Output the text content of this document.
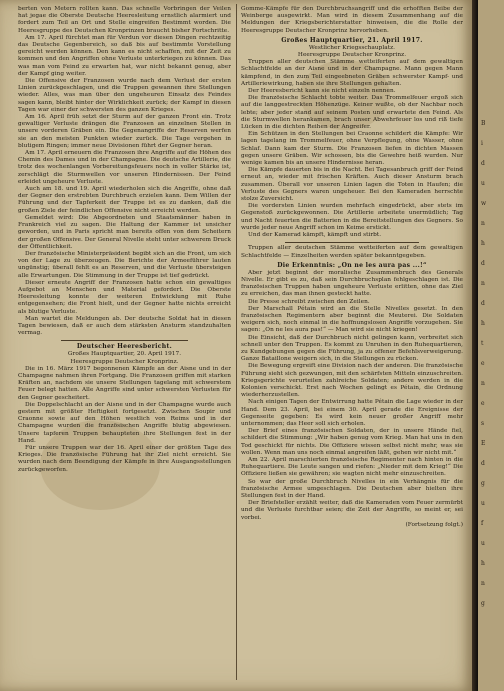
berten von Metern rollten kann. Das schnelle Vorbringen der Veilen hat jegae die Oberste Deutsche Heeresleitung ernstlich alarmiert und fordert zum Teil an Ort und Stelle eingreifen Bestimmt worden. Die Heeresgruppe des Deutschen Kronprinzen braucht bisher Fortschritte.

Am 17. April fürchtet man für Verdun vor diesen Dingen rechtzeitig das Deutsche Gegenbereich, so daß bis auf bestimmte Vorstellung gereicht werden können. Den kann es nicht schaffen, mit der Zeit zu kommen und den Angriffen ohne Verluste unterkriegen zu können. Das was man vom Feind zu erwarten hat, war nicht bekannt genug, aber der Kampf ging weiter.

Die Offensive der Franzosen wurde nach dem Verlust der ersten Linien zurückgeschlagen, und die Truppen gewannen ihre Stellungen wieder. Alles, was man über den ungeheuren Einsatz des Feindes sagen kann, bleibt hinter der Wirklichkeit zurück; der Kampf in diesen Tagen war einer der schwersten des ganzen Krieges.

Am 16. April früh setzt der Sturm auf der ganzen Front ein. Trotz gewaltiger Verluste drängen die Franzosen an einzelnen Stellen in unsere vorderen Gräben ein. Die Gegenangriffe der Reserven werfen sie an den meisten Punkten wieder zurück. Die Tage vergehen in blutigem Ringen; immer neue Divisionen führt der Gegner heran.

Am 17. April erneuern die Franzosen ihre Angriffe auf die Höhen des Chemin des Dames und in der Champagne. Die deutsche Artillerie, die trotz des wochenlangen Vorbereitungsfeuers noch in voller Stärke ist, zerschlägt die Sturmwellen vor unseren Hindernissen. Der Feind erleidet ungeheure Verluste.

Auch am 18. und 19. April wiederholen sich die Angriffe, ohne daß der Gegner den erstrebten Durchbruch erzielen kann. Dem Willen der Führung und der Tapferkeit der Truppe ist es zu danken, daß die großen Ziele der feindlichen Offensive nicht erreicht werden.

Gemeldet wird: Die Abgeordneten und Staatsmänner haben in Frankreich viel zu sagen. Die Haltung der Kammer ist unsicher geworden, und in Paris spricht man bereits offen von dem Scheitern der großen Offensive. Der General Nivelle steht unter schwerem Druck der Öffentlichkeit.

Der französische Ministerpräsident begibt sich an die Front, um sich von der Lage zu überzeugen. Die Berichte der Armeeführer lauten ungünstig; überall fehlt es an Reserven, und die Verluste übersteigen alle Erwartungen. Die Stimmung in der Truppe ist tief gedrückt.

Dieser erneute Angriff der Franzosen hatte schon ein gewaltiges Aufgebot an Menschen und Material gefordert. Die Oberste Heeresleitung konnte der weiteren Entwicklung mit Ruhe entgegensehen; die Front hielt, und der Gegner hatte nichts erreicht als blutige Verluste.

Man wartet die Meldungen ab. Der deutsche Soldat hat in diesen Tagen bewiesen, daß er auch dem stärksten Ansturm standzuhalten vermag.

Deutscher Heeresbericht.

Großes Hauptquartier, 20. April 1917.

Heeresgruppe Deutscher Kronprinz.

Die in 16. März 1917 begonnenen Kämpfe an der Aisne und in der Champagne nahmen ihren Fortgang. Die Franzosen griffen mit starken Kräften an, nachdem sie unsere Stellungen tagelang mit schwerstem Feuer belegt hatten. Alle Angriffe sind unter schwersten Verlusten für den Gegner gescheitert.

Die Doppelschlacht an der Aisne und in der Champagne wurde auch gestern mit größter Heftigkeit fortgesetzt. Zwischen Soupir und Craonne sowie auf den Höhen westlich von Reims und in der Champagne wurden die französischen Angriffe blutig abgewiesen. Unsere tapferen Truppen behaupteten ihre Stellungen fest in der Hand.

Für unsere Truppen war der 16. April einer der größten Tage des Krieges. Die französische Führung hat ihr Ziel nicht erreicht. Sie wurden nach dem Beendigung der Kämpfe in ihre Ausgangsstellungen zurückgeworfen.

Gomme-Kämpfe für den Durchbruchsangriff und die erhofften Beibe der Weinberge ausgewirkt. Man wird in diesem Zusammenhang auf die Meldungen der Kriegsberichterstatter hinweisen, die die Rolle der Heeresgruppe Deutscher Kronprinz hervorheben.

Großes Hauptquartier, 21. April 1917.

Westlicher Kriegsschauplatz.

Heeresgruppe Deutscher Kronprinz.

Truppen aller deutschen Stämme wetteiferten auf dem gewaltigen Schlachtfelde an der Aisne und in der Champagne. Mann gegen Mann kämpfend, in den zum Teil eingeebneten Gräben schwerster Kampf- und Artilleriewirkung, haben sie ihre Stellungen gehalten.

Der Heeresbericht kann sie nicht einzeln nennen.

Die französische Schlacht tobte weiter. Das Trommelfeuer ergoß sich auf die langgestreckten Höhenzüge. Keiner wußte, ob der Nachbar noch lebte; aber jeder stand auf seinem Posten und erwartete den Feind. Als die Sturmwellen herankamen, brach unser Abwehrfeuer los und riß tiefe Lücken in die dichten Reihen der Angreifer.

Ein Schützen in den Stellungen bei Craonne schildert die Kämpfe: Wir lagen tagelang im Trommelfeuer, ohne Verpflegung, ohne Wasser, ohne Schlaf. Dann kam der Sturm. Die Franzosen liefen in dichten Massen gegen unsere Gräben. Wir schossen, bis die Gewehre heiß wurden. Nur wenige kamen bis an unsere Hindernisse heran.

Die Kämpfe dauerten bis in die Nacht. Bei Tagesanbruch griff der Feind erneut an, wieder mit frischen Kräften. Auch dieser Ansturm brach zusammen. Überall vor unseren Linien lagen die Toten in Haufen; die Verluste des Gegners waren ungeheuer. Bei den Kameraden herrschte stolze Zuversicht.

Die vordersten Linien wurden mehrfach eingedrückt, aber stets im Gegenstoß zurückgewonnen. Die Artillerie arbeitete unermüdlich; Tag und Nacht feuerten die Batterien in die Bereitstellungen des Gegners. So wurde jeder neue Angriff schon im Keime erstickt.

Und der Kamerad kämpft, kämpft und stirbt.

Truppen aller deutschen Stämme wetteiferten auf dem gewaltigen Schlachtfelde — Einzelheiten werden später bekanntgegeben.

Die Erkenntnis: „On ne les aura pas ...!“

Aber jetzt beginnt der moralische Zusammenbruch des Generals Nivelle. Er gibt es zu, daß sein Durchbruchsplan fehlgeschlagen ist. Die französischen Truppen haben ungeheure Verluste erlitten, ohne das Ziel zu erreichen, das man ihnen gesteckt hatte.

Die Presse schreibt zwischen den Zeilen.

Der Marschall Pétain wird an die Stelle Nivelles gesetzt. In den französischen Regimentern aber beginnt die Meuterei. Die Soldaten weigern sich, noch einmal in die hoffnungslosen Angriffe vorzugehen. Sie sagen: „On ne les aura pas!“ — Man wird sie nicht kriegen!

Die Einsicht, daß der Durchbruch nicht gelingen kann, verbreitet sich schnell unter den Truppen. Es kommt zu Unruhen in den Ruhequartieren, zu Kundgebungen gegen die Führung, ja zu offener Befehlsverweigerung. Ganze Bataillone weigern sich, in die Stellungen zu rücken.

Die Bewegung ergreift eine Division nach der anderen. Die französische Führung sieht sich gezwungen, mit den schärfsten Mitteln einzuschreiten. Kriegsgerichte verurteilen zahlreiche Soldaten; andere werden in die Kolonien verschickt. Erst nach Wochen gelingt es Pétain, die Ordnung wiederherzustellen.

Nach einigen Tagen der Entwirrung hatte Pétain die Lage wieder in der Hand. Dem 23. April, bei einem 30. April gerade die Ereignisse der Gegenseite gegeben: Es wird kein neuer großer Angriff mehr unternommen; das Heer soll sich erholen.

Der Brief eines französischen Soldaten, der in unsere Hände fiel, schildert die Stimmung: „Wir haben genug vom Krieg. Man hat uns in den Tod geschickt für nichts. Die Offiziere wissen selbst nicht mehr, was sie wollen. Wenn man uns noch einmal angreifen läßt, gehen wir nicht mit.“

Am 22. April marschierten französische Regimenter nach hinten in die Ruhequartiere. Die Leute sangen und riefen: „Nieder mit dem Krieg!“ Die Offiziere ließen sie gewähren; sie wagten nicht mehr einzuschreiten.

So war der große Durchbruch Nivelles in ein Verhängnis für die französische Armee umgeschlagen. Die Deutschen aber hielten ihre Stellungen fest in der Hand.

Der Briefsteller erzählt weiter, daß die Kameraden vom Feuer zermürbt und die Verluste furchtbar seien; die Zeit der Angriffe, so meint er, sei vorbei.

(Fortsetzung folgt.)

B
i
d
u
w
n
h
d
n
d
h
t
e
n
e
s
E
d
g
u
f
u
h
n
g
